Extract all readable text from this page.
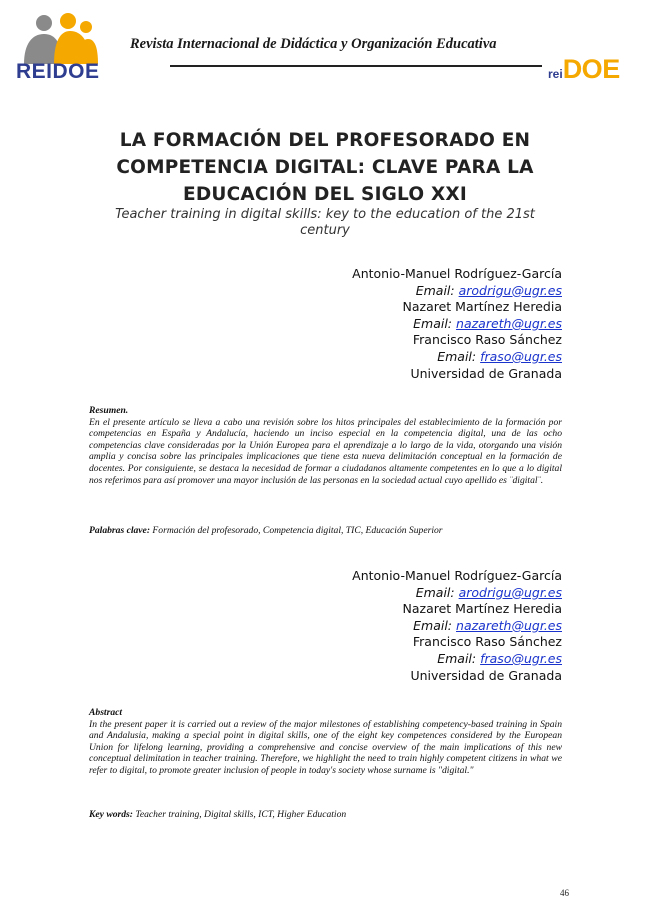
REIDOE
Revista Internacional de Didáctica y Organización Educativa
reiDOE
LA FORMACIÓN DEL PROFESORADO EN COMPETENCIA DIGITAL: CLAVE PARA LA EDUCACIÓN DEL SIGLO XXI
Teacher training in digital skills: key to the education of the 21st century
Antonio-Manuel Rodríguez-García
Email: arodrigu@ugr.es
Nazaret Martínez Heredia
Email: nazareth@ugr.es
Francisco Raso Sánchez
Email: fraso@ugr.es
Universidad de Granada
Resumen.
En el presente artículo se lleva a cabo una revisión sobre los hitos principales del establecimiento de la formación por competencias en España y Andalucía, haciendo un inciso especial en la competencia digital, una de las ocho competencias clave consideradas por la Unión Europea para el aprendizaje a lo largo de la vida, otorgando una visión amplia y concisa sobre las principales implicaciones que tiene esta nueva delimitación conceptual en la formación de docentes. Por consiguiente, se destaca la necesidad de formar a ciudadanos altamente competentes en lo que a lo digital nos referimos para así promover una mayor inclusión de las personas en la sociedad actual cuyo apellido es ¨digital¨.
Palabras clave: Formación del profesorado, Competencia digital, TIC, Educación Superior
Antonio-Manuel Rodríguez-García
Email: arodrigu@ugr.es
Nazaret Martínez Heredia
Email: nazareth@ugr.es
Francisco Raso Sánchez
Email: fraso@ugr.es
Universidad de Granada
Abstract
In the present paper it is carried out a review of the major milestones of establishing competency-based training in Spain and Andalusia, making a special point in digital skills, one of the eight key competences considered by the European Union for lifelong learning, providing a comprehensive and concise overview of the main implications of this new conceptual delimitation in teacher training. Therefore, we highlight the need to train highly competent citizens in what we refer to digital, to promote greater inclusion of people in today's society whose surname is "digital."
Key words: Teacher training, Digital skills, ICT, Higher Education
46
